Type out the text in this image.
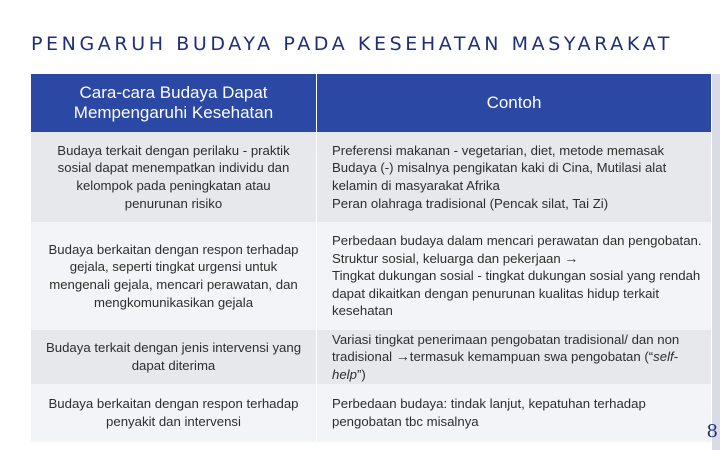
PENGARUH BUDAYA PADA KESEHATAN MASYARAKAT
Cara-cara Budaya Dapat Mempengaruhi Kesehatan
Contoh
Budaya terkait dengan perilaku - praktik sosial dapat menempatkan individu dan kelompok pada peningkatan atau penurunan risiko
Preferensi makanan - vegetarian, diet, metode memasak
Budaya (-) misalnya pengikatan kaki di Cina, Mutilasi alat kelamin di masyarakat Afrika
Peran olahraga tradisional (Pencak silat, Tai Zi)
Budaya berkaitan dengan respon terhadap gejala, seperti tingkat urgensi untuk mengenali gejala, mencari perawatan, dan mengkomunikasikan gejala
Perbedaan budaya dalam mencari perawatan dan pengobatan. Struktur sosial, keluarga dan pekerjaan →
Tingkat dukungan sosial - tingkat dukungan sosial yang rendah dapat dikaitkan dengan penurunan kualitas hidup terkait kesehatan
Budaya terkait dengan jenis intervensi yang dapat diterima
Variasi tingkat penerimaan pengobatan tradisional/ dan non tradisional →termasuk kemampuan swa pengobatan (“self-help”)
Budaya berkaitan dengan respon terhadap penyakit dan intervensi
Perbedaan budaya: tindak lanjut, kepatuhan terhadap pengobatan tbc misalnya	8
